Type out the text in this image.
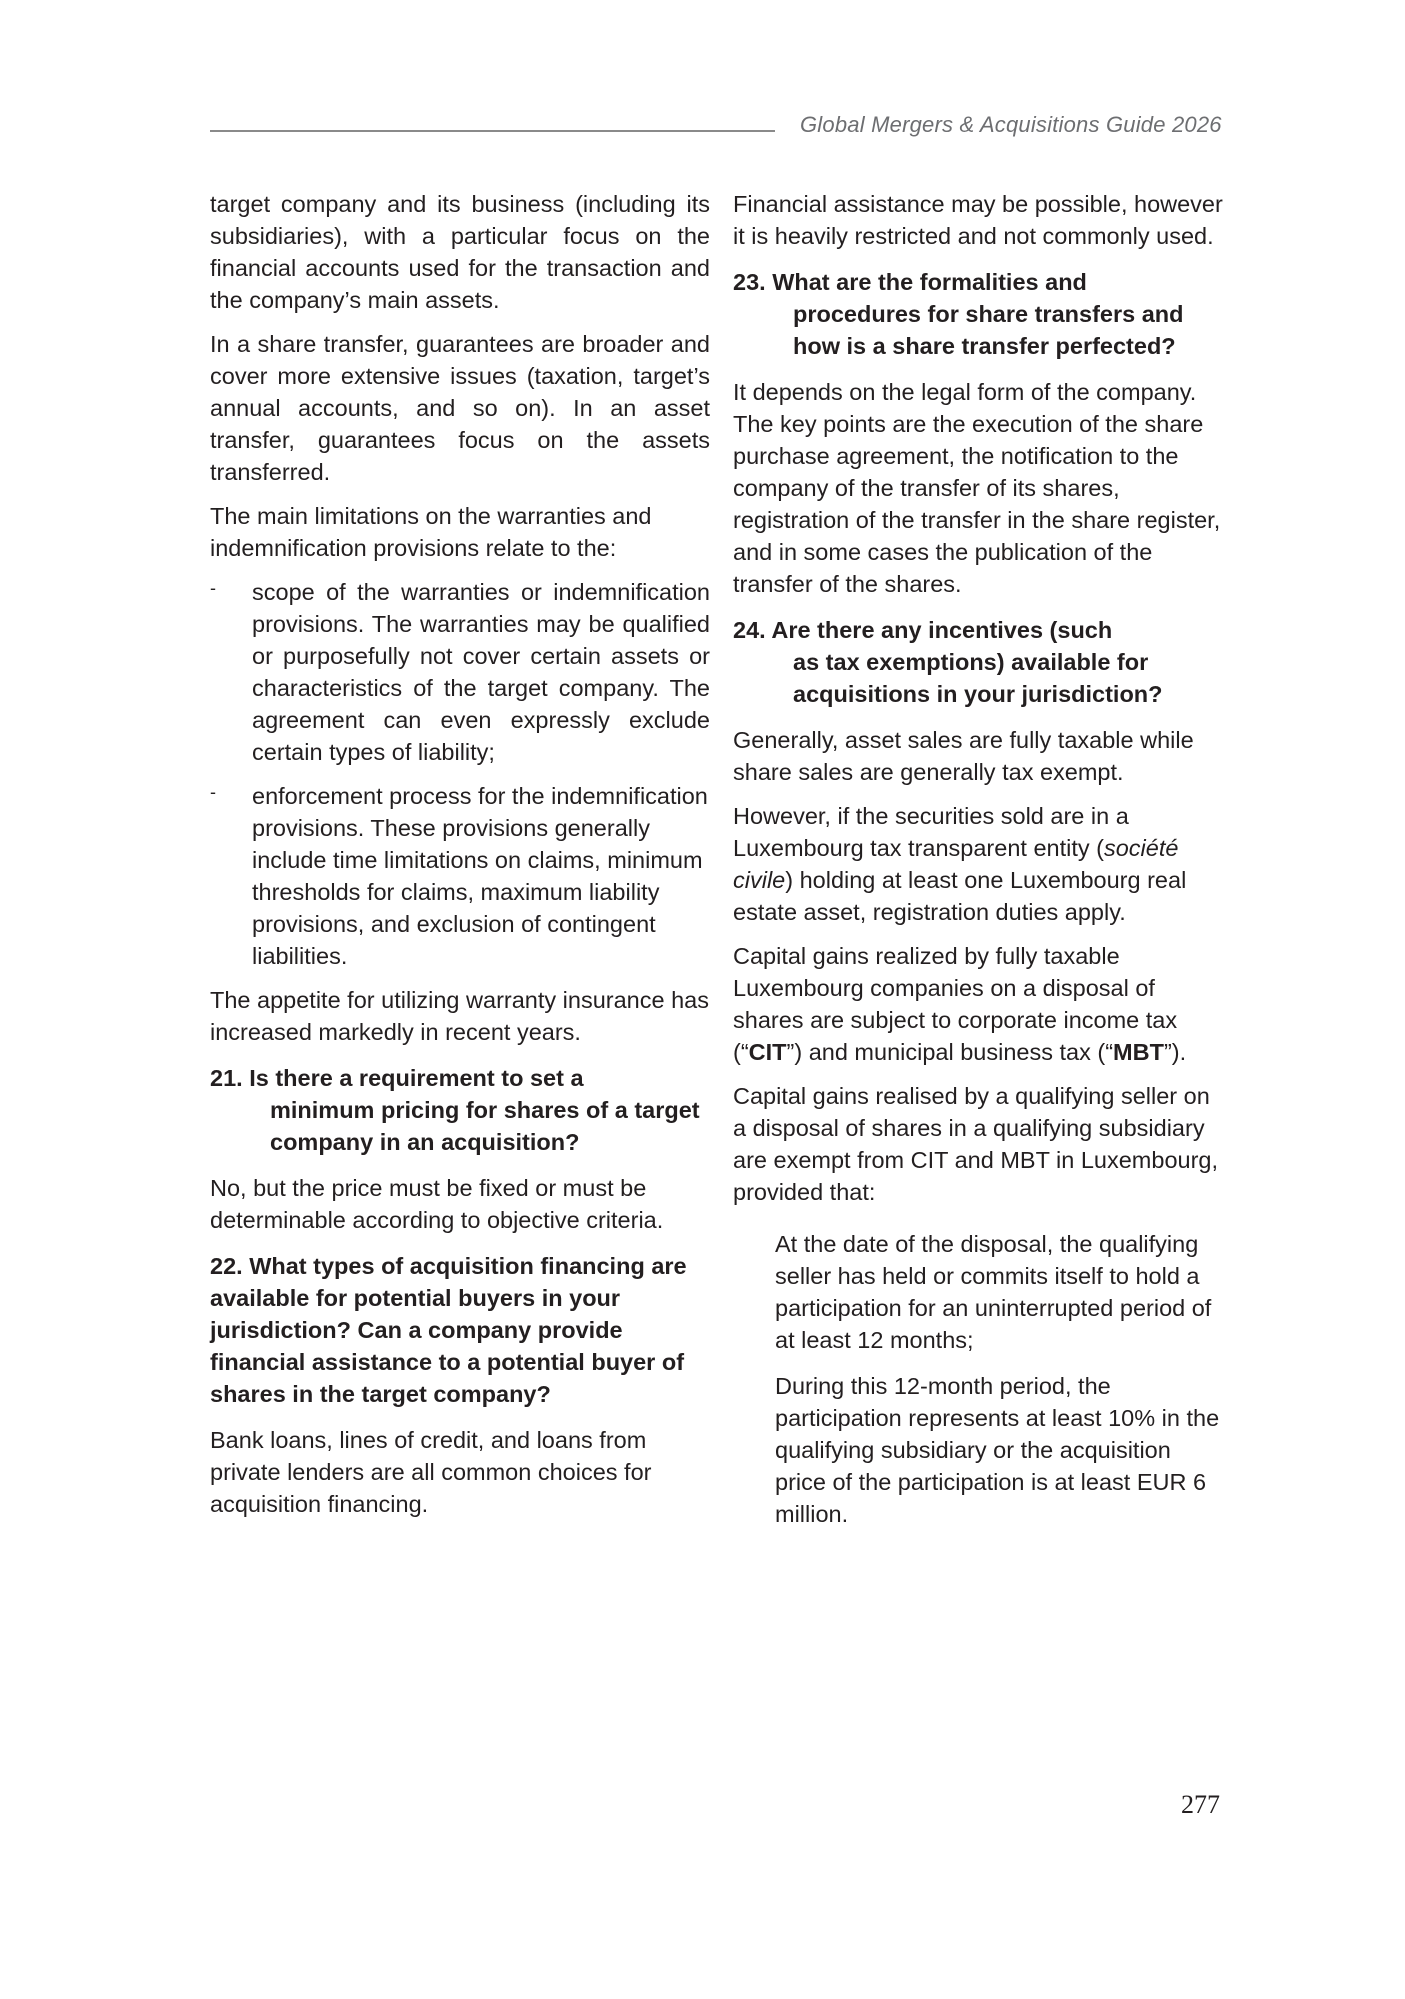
Global Mergers & Acquisitions Guide 2026

target company and its business (including its subsidiaries), with a particular focus on the financial accounts used for the transaction and the company’s main assets.

In a share transfer, guarantees are broader and cover more extensive issues (taxation, target’s annual accounts, and so on). In an asset transfer, guarantees focus on the assets transferred.

The main limitations on the warranties and indemnification provisions relate to the:

- scope of the warranties or indemnification provisions. The warranties may be qualified or purposefully not cover certain assets or characteristics of the target company. The agreement can even expressly exclude certain types of liability;
- enforcement process for the indemnification provisions. These provisions generally include time limitations on claims, minimum thresholds for claims, maximum liability provisions, and exclusion of contingent liabilities.

The appetite for utilizing warranty insurance has increased markedly in recent years.

21. Is there a requirement to set a
minimum pricing for shares of a target company in an acquisition?

No, but the price must be fixed or must be determinable according to objective criteria.

22. What types of acquisition financing are available for potential buyers in your jurisdiction? Can a company provide financial assistance to a potential buyer of shares in the target company?

Bank loans, lines of credit, and loans from private lenders are all common choices for acquisition financing.

Financial assistance may be possible, however it is heavily restricted and not commonly used.

23. What are the formalities and
procedures for share transfers and how is a share transfer perfected?

It depends on the legal form of the company. The key points are the execution of the share purchase agreement, the notification to the company of the transfer of its shares, registration of the transfer in the share register, and in some cases the publication of the transfer of the shares.

24. Are there any incentives (such
as tax exemptions) available for acquisitions in your jurisdiction?

Generally, asset sales are fully taxable while share sales are generally tax exempt.

However, if the securities sold are in a Luxembourg tax transparent entity (société civile) holding at least one Luxembourg real estate asset, registration duties apply.

Capital gains realized by fully taxable Luxembourg companies on a disposal of shares are subject to corporate income tax (“CIT”) and municipal business tax (“MBT”).

Capital gains realised by a qualifying seller on a disposal of shares in a qualifying subsidiary are exempt from CIT and MBT in Luxembourg, provided that:

At the date of the disposal, the qualifying seller has held or commits itself to hold a participation for an uninterrupted period of at least 12 months;

During this 12-month period, the participation represents at least 10% in the qualifying subsidiary or the acquisition price of the participation is at least EUR 6 million.

277
